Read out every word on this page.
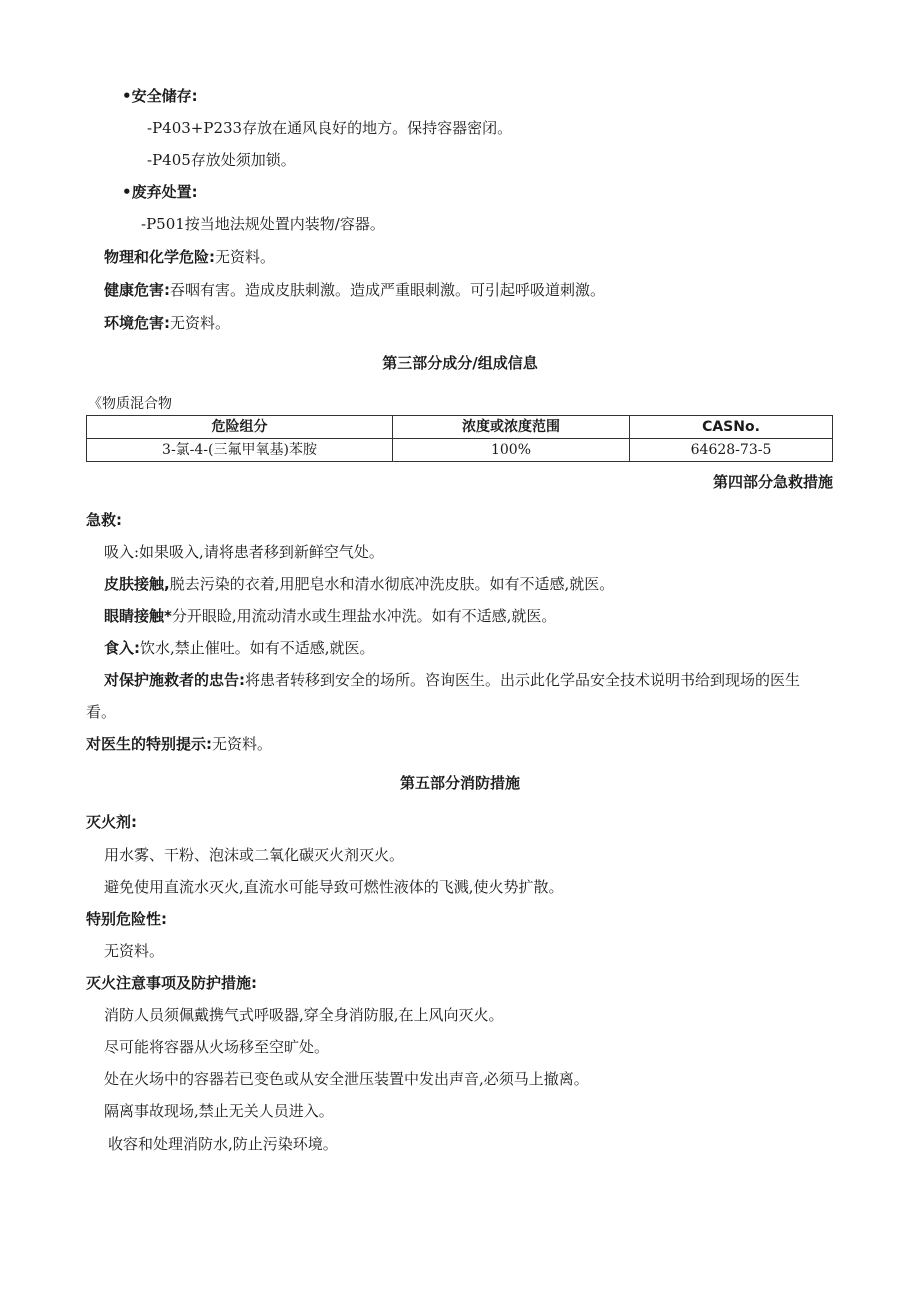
•安全储存:
-P403+P233存放在通风良好的地方。保持容器密闭。
-P405存放处须加锁。
•废弃处置:
-P501按当地法规处置内装物/容器。
物理和化学危险:无资料。
健康危害:吞咽有害。造成皮肤刺激。造成严重眼刺激。可引起呼吸道刺激。
环境危害:无资料。
第三部分成分/组成信息
《物质混合物
危险组分	浓度或浓度范围	CASNo.
3-氯-4-(三氟甲氧基)苯胺	100%	64628-73-5
第四部分急救措施
急救:
吸入:如果吸入,请将患者移到新鲜空气处。
皮肤接触,脱去污染的衣着,用肥皂水和清水彻底冲洗皮肤。如有不适感,就医。
眼睛接触*分开眼睑,用流动清水或生理盐水冲洗。如有不适感,就医。
食入:饮水,禁止催吐。如有不适感,就医。
对保护施救者的忠告:将患者转移到安全的场所。咨询医生。出示此化学品安全技术说明书给到现场的医生
看。
对医生的特别提示:无资料。
第五部分消防措施
灭火剂:
用水雾、干粉、泡沫或二氧化碳灭火剂灭火。
避免使用直流水灭火,直流水可能导致可燃性液体的飞溅,使火势扩散。
特别危险性:
无资料。
灭火注意事项及防护措施:
消防人员须佩戴携气式呼吸器,穿全身消防服,在上风向灭火。
尽可能将容器从火场移至空旷处。
处在火场中的容器若已变色或从安全泄压装置中发出声音,必须马上撤离。
隔离事故现场,禁止无关人员进入。
收容和处理消防水,防止污染环境。
